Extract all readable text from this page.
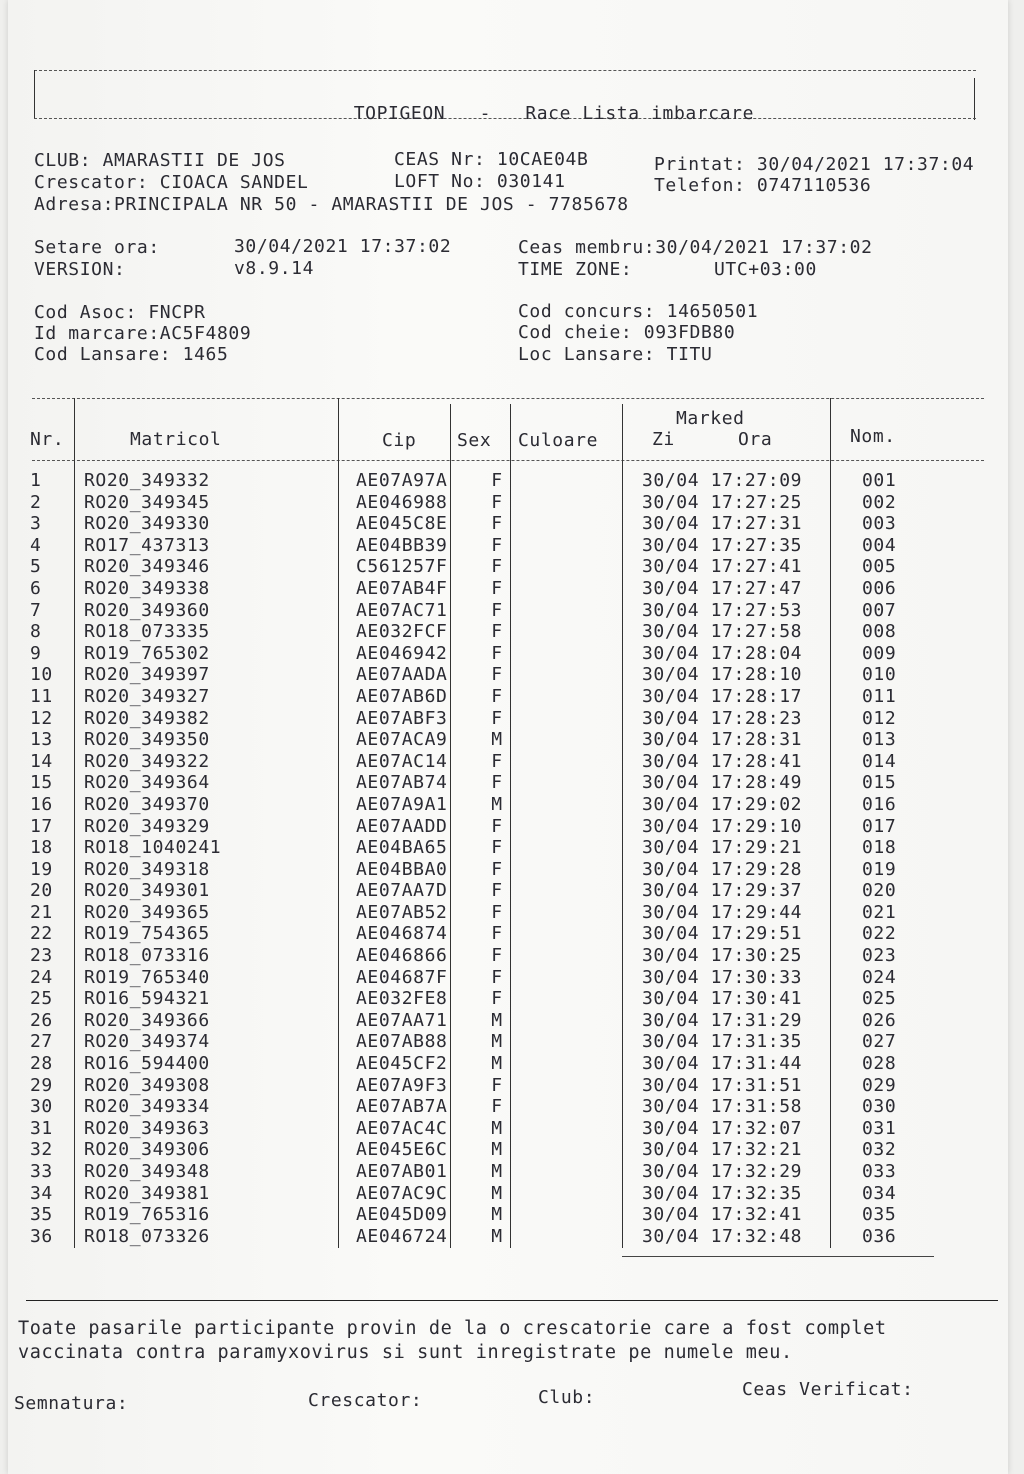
TOPIGEON - Race Lista imbarcare

CLUB: AMARASTII DE JOS	CEAS Nr: 10CAE04B	Printat: 30/04/2021 17:37:04
Crescator: CIOACA SANDEL	LOFT No: 030141	Telefon: 0747110536
Adresa:PRINCIPALA NR 50 - AMARASTII DE JOS - 7785678
Setare ora:	30/04/2021 17:37:02	Ceas membru:30/04/2021 17:37:02
VERSION:	v8.9.14	TIME ZONE:	UTC+03:00
Cod Asoc: FNCPR	Cod concurs: 14650501
Id marcare:AC5F4809	Cod cheie: 093FDB80
Cod Lansare: 1465	Loc Lansare: TITU
Nr.	Matricol	Cip Sex Culoare
Marked
Zi	Ora	Nom.
1	RO20_349332	AE07A97A	F		30/04 17:27:09	001
2	RO20_349345	AE046988	F		30/04 17:27:25	002
3	RO20_349330	AE045C8E	F		30/04 17:27:31	003
4	RO17_437313	AE04BB39	F		30/04 17:27:35	004
5	RO20_349346	C561257F	F		30/04 17:27:41	005
6	RO20_349338	AE07AB4F	F		30/04 17:27:47	006
7	RO20_349360	AE07AC71	F		30/04 17:27:53	007
8	RO18_073335	AE032FCF	F		30/04 17:27:58	008
9	RO19_765302	AE046942	F		30/04 17:28:04	009
10	RO20_349397	AE07AADA	F		30/04 17:28:10	010
11	RO20_349327	AE07AB6D	F		30/04 17:28:17	011
12	RO20_349382	AE07ABF3	F		30/04 17:28:23	012
13	RO20_349350	AE07ACA9	M		30/04 17:28:31	013
14	RO20_349322	AE07AC14	F		30/04 17:28:41	014
15	RO20_349364	AE07AB74	F		30/04 17:28:49	015
16	RO20_349370	AE07A9A1	M		30/04 17:29:02	016
17	RO20_349329	AE07AADD	F		30/04 17:29:10	017
18	RO18_1040241	AE04BA65	F		30/04 17:29:21	018
19	RO20_349318	AE04BBA0	F		30/04 17:29:28	019
20	RO20_349301	AE07AA7D	F		30/04 17:29:37	020
21	RO20_349365	AE07AB52	F		30/04 17:29:44	021
22	RO19_754365	AE046874	F		30/04 17:29:51	022
23	RO18_073316	AE046866	F		30/04 17:30:25	023
24	RO19_765340	AE04687F	F		30/04 17:30:33	024
25	RO16_594321	AE032FE8	F		30/04 17:30:41	025
26	RO20_349366	AE07AA71	M		30/04 17:31:29	026
27	RO20_349374	AE07AB88	M		30/04 17:31:35	027
28	RO16_594400	AE045CF2	M		30/04 17:31:44	028
29	RO20_349308	AE07A9F3	F		30/04 17:31:51	029
30	RO20_349334	AE07AB7A	F		30/04 17:31:58	030
31	RO20_349363	AE07AC4C	M		30/04 17:32:07	031
32	RO20_349306	AE045E6C	M		30/04 17:32:21	032
33	RO20_349348	AE07AB01	M		30/04 17:32:29	033
34	RO20_349381	AE07AC9C	M		30/04 17:32:35	034
35	RO19_765316	AE045D09	M		30/04 17:32:41	035
36	RO18_073326	AE046724	M		30/04 17:32:48	036
Toate pasarile participante provin de la o crescatorie care a fost complet
vaccinata contra paramyxovirus si sunt inregistrate pe numele meu.
Semnatura:	Crescator:	Club:	Ceas Verificat:
